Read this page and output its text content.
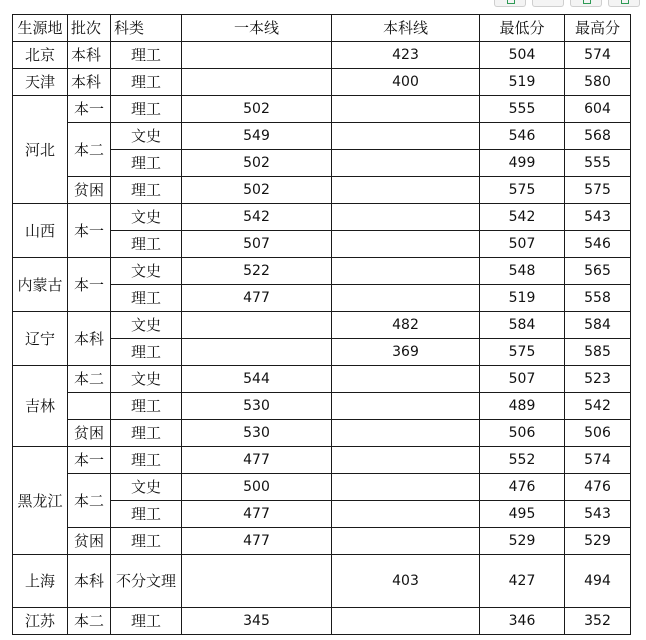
生源地	批次	科类	一本线	本科线	最低分	最高分
北京	本科	理工		423	504	574
天津	本科	理工		400	519	580
河北	本一	理工	502		555	604
	本二	文史	549		546	568
		理工	502		499	555
	贫困	理工	502		575	575
山西	本一	文史	542		542	543
		理工	507		507	546
内蒙古	本一	文史	522		548	565
		理工	477		519	558
辽宁	本科	文史		482	584	584
		理工		369	575	585
吉林	本二	文史	544		507	523
		理工	530		489	542
	贫困	理工	530		506	506
黑龙江	本一	理工	477		552	574
	本二	文史	500		476	476
		理工	477		495	543
	贫困	理工	477		529	529
上海	本科	不分文理		403	427	494
江苏	本二	理工	345		346	352
